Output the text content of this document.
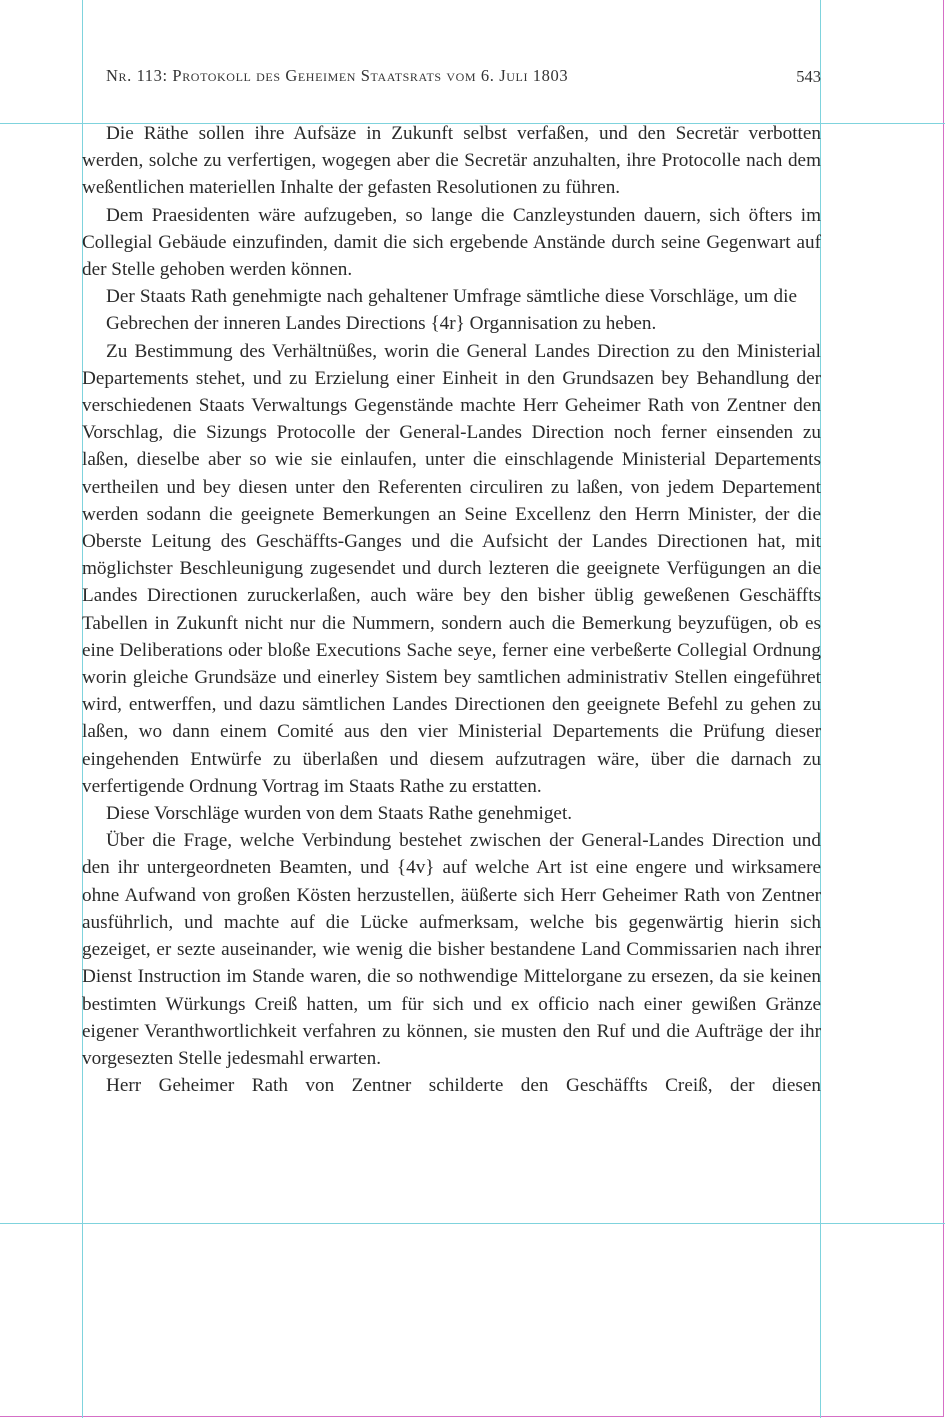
Nr. 113: Protokoll des Geheimen Staatsrats vom 6. Juli 1803	543

Die Räthe sollen ihre Aufsäze in Zukunft selbst verfaßen, und den Secretär verbotten werden, solche zu verfertigen, wogegen aber die Secretär anzuhalten, ihre Protocolle nach dem weßentlichen materiellen Inhalte der gefasten Resolutionen zu führen.

Dem Praesidenten wäre aufzugeben, so lange die Canzleystunden dauern, sich öfters im Collegial Gebäude einzufinden, damit die sich ergebende Anstände durch seine Gegenwart auf der Stelle gehoben werden können.

Der Staats Rath genehmigte nach gehaltener Umfrage sämtliche diese Vorschläge, um die Gebrechen der inneren Landes Directions {4r} Organnisation zu heben.

Zu Bestimmung des Verhältnüßes, worin die General Landes Direction zu den Ministerial Departements stehet, und zu Erzielung einer Einheit in den Grundsazen bey Behandlung der verschiedenen Staats Verwaltungs Gegenstände machte Herr Geheimer Rath von Zentner den Vorschlag, die Sizungs Protocolle der General-Landes Direction noch ferner einsenden zu laßen, dieselbe aber so wie sie einlaufen, unter die einschlagende Ministerial Departements vertheilen und bey diesen unter den Referenten circuliren zu laßen, von jedem Departement werden sodann die geeignete Bemerkungen an Seine Excellenz den Herrn Minister, der die Oberste Leitung des Geschäffts-Ganges und die Aufsicht der Landes Directionen hat, mit möglichster Beschleunigung zugesendet und durch lezteren die geeignete Verfügungen an die Landes Directionen zuruckerlaßen, auch wäre bey den bisher üblig geweßenen Geschäffts Tabellen in Zukunft nicht nur die Nummern, sondern auch die Bemerkung beyzufügen, ob es eine Deliberations oder bloße Executions Sache seye, ferner eine verbeßerte Collegial Ordnung worin gleiche Grundsäze und einerley Sistem bey samtlichen administrativ Stellen eingeführet wird, entwerffen, und dazu sämtlichen Landes Directionen den geeignete Befehl zu gehen zu laßen, wo dann einem Comité aus den vier Ministerial Departements die Prüfung dieser eingehenden Entwürfe zu überlaßen und diesem aufzutragen wäre, über die darnach zu verfertigende Ordnung Vortrag im Staats Rathe zu erstatten.

Diese Vorschläge wurden von dem Staats Rathe genehmiget.

Über die Frage, welche Verbindung bestehet zwischen der General-Landes Direction und den ihr untergeordneten Beamten, und {4v} auf welche Art ist eine engere und wirksamere ohne Aufwand von großen Kösten herzustellen, äüßerte sich Herr Geheimer Rath von Zentner ausführlich, und machte auf die Lücke aufmerksam, welche bis gegenwärtig hierin sich gezeiget, er sezte auseinander, wie wenig die bisher bestandene Land Commissarien nach ihrer Dienst Instruction im Stande waren, die so nothwendige Mittelorgane zu ersezen, da sie keinen bestimten Würkungs Creiß hatten, um für sich und ex officio nach einer gewißen Gränze eigener Veranthwortlichkeit verfahren zu können, sie musten den Ruf und die Aufträge der ihr vorgesezten Stelle jedesmahl erwarten.

Herr Geheimer Rath von Zentner schilderte den Geschäffts Creiß, der diesen
